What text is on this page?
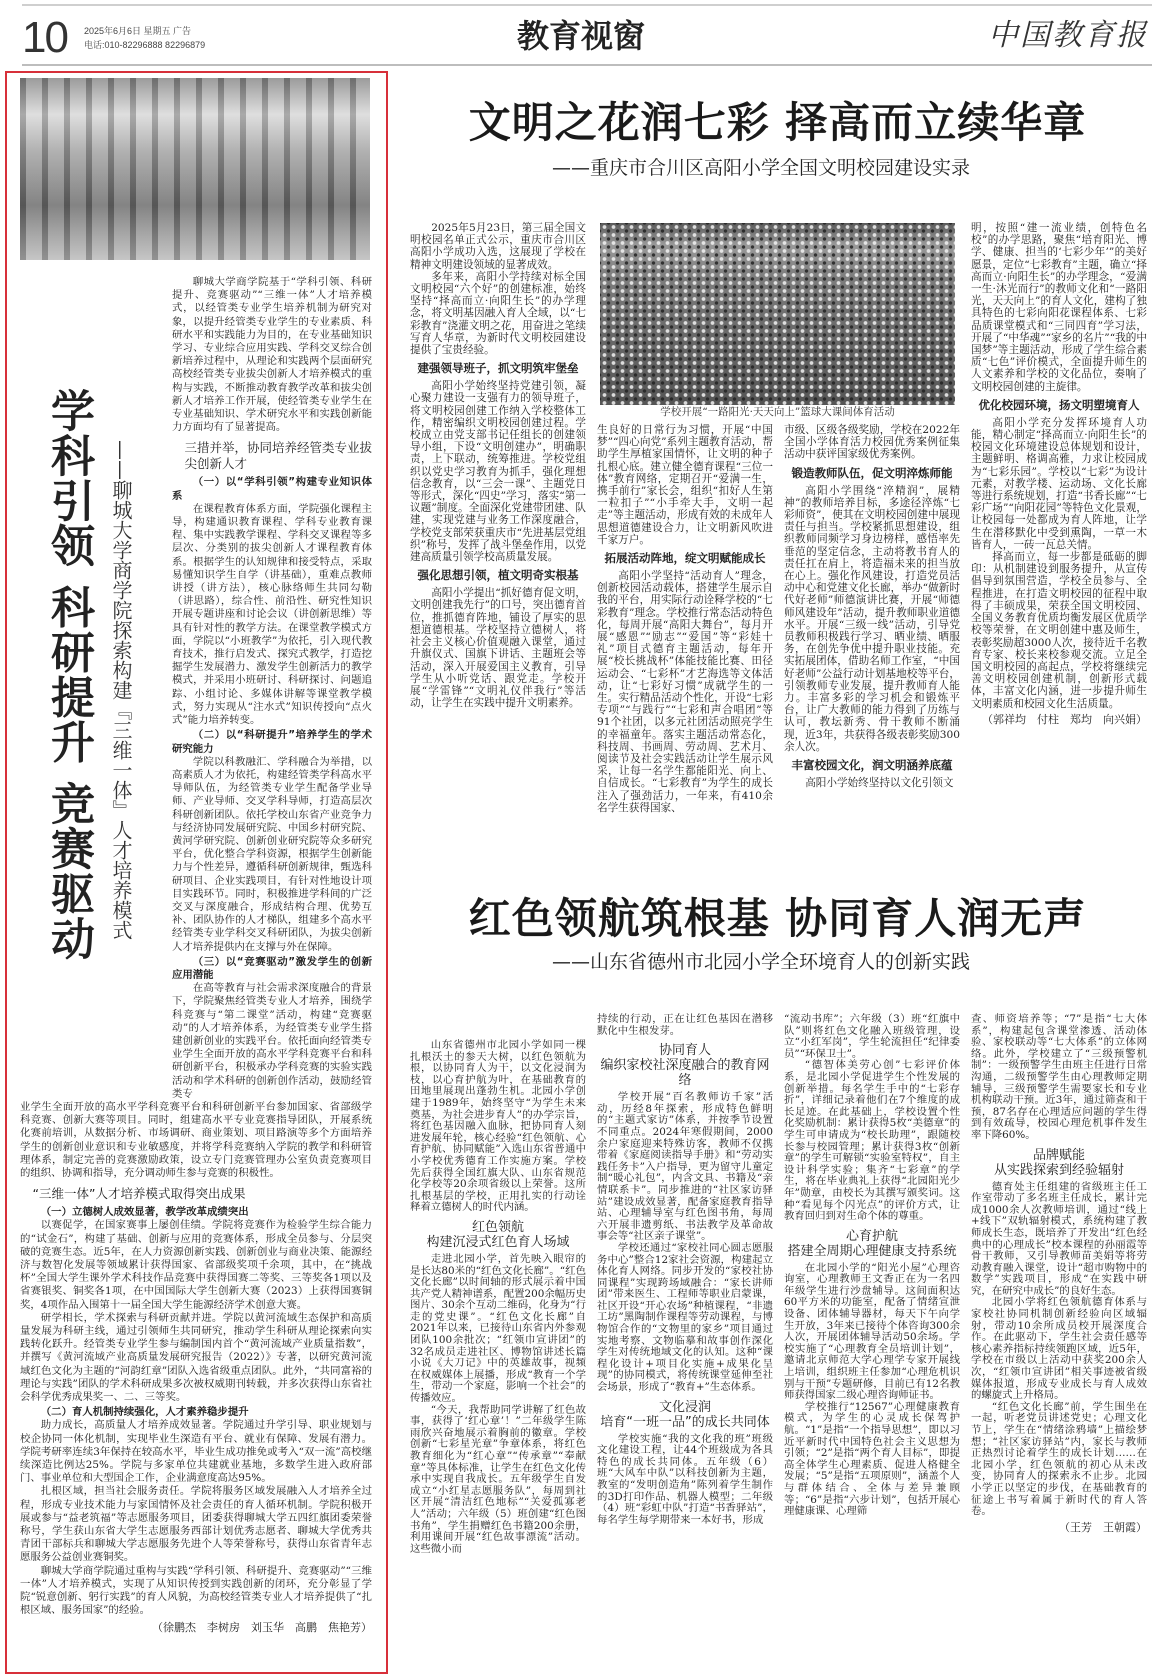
10 2025年6月6日 星期五 广告
电话:010-82296888 82296879	教育视窗	中国教育报
学科引领 科研提升 竞赛驱动 ——聊城大学商学院探索构建『三维一体』人才培养模式
聊城大学商学院基于“学科引领、科研提升、竞赛驱动”“三维一体”人才培养模式，以经管类专业学生培养机制为研究对象，以提升经管类专业学生的专业素质、科研水平和实践能力为目的，在专业基础知识学习、专业综合应用实践、学科交叉综合创新培养过程中，从理论和实践两个层面研究高校经管类专业拔尖创新人才培养模式的重构与实践，不断推动教育教学改革和拔尖创新人才培养工作开展，使经管类专业学生在专业基础知识、学术研究水平和实践创新能力方面均有了显著提高。
三措并举，协同培养经管类专业拔尖创新人才
（一）以“学科引领”构建专业知识体系
在课程教育体系方面，学院强化课程主导，构建通识教育课程、学科专业教育课程、集中实践教学课程、学科交叉课程等多层次、分类别的拔尖创新人才课程教育体系。根据学生的认知规律和接受特点，采取易懂知识学生自学（讲基础），重难点教师讲授（讲方法），核心脉络师生共同勾勒（讲思路），综合性、前沿性、研究性知识开展专题讲座和讨论会议（讲创新思维）等具有针对性的教学方法。在课堂教学模式方面，学院以“小班教学”为依托，引入现代教育技术，推行启发式、探究式教学，打造挖掘学生发展潜力、激发学生创新活力的教学模式，并采用小班研讨、科研探讨、问题追踪、小组讨论、多媒体讲解等课堂教学模式，努力实现从“注水式”知识传授向“点火式”能力培养转变。
（二）以“科研提升”培养学生的学术研究能力
学院以科教融汇、学科融合为举措，以高素质人才为依托，构建经管类学科高水平导师队伍，为经管类专业学生配备学业导师、产业导师、交叉学科导师，打造高层次科研创新团队。依托学校山东省产业竞争力与经济协同发展研究院、中国乡村研究院、黄河学研究院、创新创业研究院等众多研究平台，优化整合学科资源，根据学生创新能力与个性差异，遵循科研创新规律，甄选科研项目、企业实践项目，有针对性地设计项目实践环节。同时，积极推进学科间的广泛交叉与深度融合，形成结构合理、优势互补、团队协作的人才梯队，组建多个高水平经管类专业学科交叉科研团队，为拔尖创新人才培养提供内在支撑与外在保障。
（三）以“竞赛驱动”激发学生的创新应用潜能
在高等教育与社会需求深度融合的背景下，学院聚焦经管类专业人才培养，围绕学科竞赛与“第二课堂”活动，构建“竞赛驱动”的人才培养体系，为经管类专业学生搭建创新创业的实践平台。依托面向经管类专业学生全面开放的高水平学科竞赛平台和科研创新平台，积极承办学科竞赛的实验实践活动和学术科研的创新创作活动，鼓励经管类专
业学生全面开放的高水平学科竞赛平台和科研创新平台参加国家、省部级学科竞赛、创新大赛等项目。同时，组建高水平专业竞赛指导团队，开展系统化赛前培训，从数据分析、市场调研、商业策划、项目路演等多个方面培养学生的创新创业意识和专业敏感度，并将学科竞赛纳入学院的教学和科研管理体系，制定完善的竞赛激励政策，设立专门竞赛管理办公室负责竞赛项目的组织、协调和指导，充分调动师生参与竞赛的积极性。
“三维一体”人才培养模式取得突出成果
（一）立德树人成效显著，教学改革成绩突出
以赛促学，在国家赛事上屡创佳绩。学院将竞赛作为检验学生综合能力的“试金石”，构建了基础、创新与应用的竞赛体系，形成全员参与、分层突破的竞赛生态。近5年，在人力资源创新实践、创新创业与商业决策、能源经济与数智化发展等领域累计获得国家、省部级奖项千余项，其中，在“挑战杯”全国大学生课外学术科技作品竞赛中获得国赛二等奖、三等奖各1项以及省赛银奖、铜奖各1项，在中国国际大学生创新大赛（2023）上获得国赛铜奖，4项作品入围第十一届全国大学生能源经济学术创意大赛。
研学相长，学术探索与科研贡献并进。学院以黄河流域生态保护和高质量发展为科研主线，通过引领师生共同研究，推动学生科研从理论探索向实践转化跃升。经管类专业学生参与编制国内首个“黄河流域产业质量指数”，并撰写《黄河流域产业高质量发展研究报告（2022）》专著，以研究黄河流域红色文化为主题的“河韵红章”团队入选省级重点团队。此外，“共同富裕的理论与实践”团队的学术科研成果多次被权威期刊转载，并多次获得山东省社会科学优秀成果奖一、二、三等奖。
（二）育人机制持续强化，人才素养稳步提升
助力成长，高质量人才培养成效显著。学院通过升学引导、职业规划与校企协同一体化机制，实现毕业生深造有平台、就业有保障、发展有潜力。学院考研率连续3年保持在较高水平，毕业生成功推免或考入“双一流”高校继续深造比例达25%。学院与多家单位共建就业基地，多数学生进入政府部门、事业单位和大型国企工作，企业满意度高达95%。
扎根区域，担当社会服务责任。学院将服务区域发展融入人才培养全过程，形成专业技术能力与家国情怀及社会责任的育人循环机制。学院积极开展或参与“益老筑福”等志愿服务项目，团委获得聊城大学五四红旗团委荣誉称号，学生获山东省大学生志愿服务西部计划优秀志愿者、聊城大学优秀共青团干部标兵和聊城大学志愿服务先进个人等荣誉称号，获得山东省青年志愿服务公益创业赛铜奖。
聊城大学商学院通过重构与实践“学科引领、科研提升、竞赛驱动”“三维一体”人才培养模式，实现了从知识传授到实践创新的闭环，充分彰显了学院“锐意创新、躬行实践”的育人风貌，为高校经管类专业人才培养提供了“扎根区域、服务国家”的经验。
（徐鹏杰　李树房　刘玉华　高鹏　焦艳芳）
文明之花润七彩 择高而立续华章
——重庆市合川区高阳小学全国文明校园建设实录
学校开展“一路阳光·天天向上”篮球大课间体育活动
2025年5月23日，第三届全国文明校园名单正式公示，重庆市合川区高阳小学成功入选，这展现了学校在精神文明建设领域的显著成效。
多年来，高阳小学持续对标全国文明校园“六个好”的创建标准，始终坚持“择高而立·向阳生长”的办学理念，将文明基因融入育人全域，以“七彩教育”浇灌文明之花，用奋进之笔续写育人华章，为新时代文明校园建设提供了宝贵经验。
建强领导班子，抓文明筑牢堡垒
高阳小学始终坚持党建引领，凝心聚力建设一支强有力的领导班子，将文明校园创建工作纳入学校整体工作，精密编织文明校园创建过程。学校成立由党支部书记任组长的创建领导小组，下设“文明创建办”，明确职责，上下联动，统筹推进。学校党组织以党史学习教育为抓手，强化理想信念教育，以“三会一课”、主题党日等形式，深化“四史”学习，落实“第一议题”制度。全面深化党建带团建、队建，实现党建与业务工作深度融合，学校党支部荣获重庆市“先进基层党组织”称号，发挥了战斗堡垒作用，以党建高质量引领学校高质量发展。
强化思想引领，植文明奇实根基
高阳小学提出“抓好德育促文明，文明创建我先行”的口号，突出德育首位，推抓德育阵地，铺设了厚实的思想道德根基。学校坚持立德树人，将社会主义核心价值观融入课堂，通过升旗仪式、国旗下讲话、主题班会等活动，深入开展爱国主义教育，引导学生从小听党话、跟党走。学校开展“学雷锋”“文明礼仪伴我行”等活动，让学生在实践中提升文明素养。
生良好的日常行为习惯，开展“中国梦”“四心向党”系列主题教育活动，帮助学生厚植家国情怀，让文明的种子扎根心底。建立健全德育课程“三位一体”教育网络，定期召开“爱满一生，携手前行”家长会，组织“扣好人生第一粒扣子”“小手牵大手，文明一起走”等主题活动，形成有效的未成年人思想道德建设合力，让文明新风吹进千家万户。
拓展活动阵地，绽文明赋能成长
高阳小学坚持“活动育人”理念，创新校园活动载体，搭建学生展示自我的平台，用实际行动诠释学校的“七彩教育”理念。学校推行常态活动特色化，每周开展“高阳大舞台”，每月开展“感恩”“励志”“爱国”等“彩娃十礼”项目式德育主题活动，每年开展“校长挑战杯”体能技能比赛、田径运动会、“七彩杯”才艺海选等文体活动，让“七彩好习惯”成就学生的一生。实行精品活动个性化，开设“七彩专项”“与践行”“七彩和声合唱团”等91个社团，以多元社团活动照亮学生的幸福童年。落实主题活动常态化，科技周、书画周、劳动周、艺术月、阅读节及社会实践活动让学生展示风采，让每一名学生都能阳光、向上、自信成长。“七彩教育”为学生的成长注入了强劲活力，一年来，有410余名学生获得国家、
市级、区级各级奖励，学校在2022年全国小学体育活力校园优秀案例征集活动中获评国家级优秀案例。
锻造教师队伍，促文明淬炼师能
高阳小学围绕“淬精润”，展精神”的教师培养目标，多途径淬炼“七彩师资”，使其在文明校园创建中展现责任与担当。学校紧抓思想建设，组织教师同频学习身边榜样，感悟率先垂范的坚定信念，主动将教书育人的责任扛在肩上，将造福未来的担当放在心上。强化作风建设，打造党员活动中心和党建文化长廊，举办“做新时代好老师”师德演讲比赛，开展“师德师风建设年”活动，提升教师职业道德水平。开展“三级一线”活动，引导党员教师积极践行学习、晒业绩、晒服务，在创先争优中提升职业技能。充实拓展团体，借助名师工作室，“中国好老师”公益行动计划基地校等平台，引领教师专业发展，提升教师育人能力。丰富多彩的学习机会和锻炼平台，让广大教师的能力得到了历练与认可，教坛新秀、骨干教师不断涌现，近3年，共获得各级表彰奖励300余人次。
丰富校园文化，润文明涵养底蕴
高阳小学始终坚持以文化引领文
明，按照“建一流业绩，创特色名校”的办学思路，聚焦“培育阳光、博学、健康、担当的‘七彩少年’”的美好愿景，定位“七彩教育”主题，确立“择高而立·向阳生长”的办学理念，“爱满一生·沐光而行”的教师文化和“一路阳光，天天向上”的育人文化，建构了独具特色的七彩向阳花课程体系、七彩品质课堂模式和“三同四育”学习法，开展了“中华魂”“家乡的名片”“我的中国梦”等主题活动，形成了学生综合素质“七色”评价模式，全面提升师生的人文素养和学校的文化品位，奏响了文明校园创建的主旋律。
优化校园环境，扬文明塑境育人
高阳小学充分发挥环境育人功能，精心制定“择高而立·向阳生长”的校园文化环境建设总体规划和设计，主题鲜明、格调高雅，力求让校园成为“七彩乐园”。学校以“七彩”为设计元素，对教学楼、运动场、文化长廊等进行系统规划，打造“书香长廊”“七彩广场”“向阳花园”等特色文化景观，让校园每一处都成为育人阵地，让学生在潜移默化中受到熏陶，一草一木皆育人，一砖一瓦总关情。
择高而立，每一步都是砥砺的脚印：从机制建设到服务提升，从宣传倡导到氛围营造，学校全员参与、全程推进，在打造文明校园的征程中取得了丰硕成果，荣获全国文明校园、全国义务教育优质均衡发展区优质学校等荣誉，在文明创建中惠及师生，表彰奖励超3000人次，接待近千名教育专家、校长来校参观交流。立足全国文明校园的高起点，学校将继续完善文明校园创建机制，创新形式载体，丰富文化内涵，进一步提升师生文明素质和校园文化生活质量。
（郭祥均　付柱　郑均　向兴娟）
红色领航筑根基 协同育人润无声
——山东省德州市北园小学全环境育人的创新实践
山东省德州市北园小学如同一棵扎根沃土的参天大树，以红色领航为根，以协同育人为干，以文化浸润为枝，以心育护航为叶，在基础教育的田地里展现出蓬勃生机。北园小学创建于1989年，始终坚守“为学生未来奠基，为社会进步育人”的办学宗旨，将红色基因融入血脉，把协同育人刻进发展年轮，核心经验“红色领航、心育护航、协同赋能”入选山东省普通中小学校优秀德育工作实施方案。学校先后获得全国红旗大队、山东省规范化学校等20余项省级以上荣誉。这所扎根基层的学校，正用扎实的行动诠释着立德树人的时代内涵。
红色领航
构建沉浸式红色育人场域
走进北园小学，首先映入眼帘的是长达80米的“红色文化长廊”。“红色文化长廊”以时间轴的形式展示着中国共产党人精神谱系，配置200余幅历史图片、30余个互动二维码，化身为“行走的党史课”。“红色文化长廊”自2021年以来，已接待山东省内外参观团队100余批次；“红领巾宣讲团”的32名成员走进社区、博物馆讲述长篇小说《大刀记》中的英雄故事，视频在权威媒体上展播，形成“教育一个学生，带动一个家庭，影响一个社会”的传播效应。
“今天，我帮助同学讲解了红色故事，获得了‘红心章’！”二年级学生陈雨欣兴奋地展示着胸前的徽章。学校创新“七彩星光章”争章体系，将红色教育细化为“红心章”“传承章”“奉献章”等具体标准，让学生在红色文化传承中实现自我成长。五年级学生自发成立“小红星志愿服务队”，每周到社区开展“清洁红色地标”“关爱孤寡老人”活动；六年级（5）班创建“红色图书角”，学生捐赠红色书籍200余册，利用课间开展“红色故事漂流”活动。这些微小而
持续的行动，正在让红色基因在潜移默化中生根发芽。
协同育人
编织家校社深度融合的教育网络
学校开展“百名教师访千家”活动，历经8年探索，形成特色鲜明的“主题式家访”体系，并按季节设置不同重点。2024年寒假期间，2000余户家庭迎来特殊访客，教师不仅携带着《家庭阅读指导手册》和“劳动实践任务卡”入户指导，更为留守儿童定制“暖心礼包”，内含文具、书籍及“亲情联系卡”。同步推进的“社区家访驿站”建设成效显著，配备家庭教育指导站、心理辅导室与红色图书角，每周六开展非遗剪纸、书法教学及革命故事会等“社区亲子课堂”。
学校还通过“家校社同心圆志愿服务中心”整合12家社会资源，构建起立体化育人网络。同步开发的“家校社协同课程”实现跨场域融合：“家长讲师团”带来医生、工程师等职业启蒙课，社区开设“开心农场”种植课程，“非遗工坊”黑陶制作课程等劳动课程，与博物馆合作的“文物里的家乡”项目通过实地考察、文物临摹和故事创作深化学生对传统地域文化的认知。这种“课程化设计+项目化实施+成果化呈现”的协同模式，将传统课堂延伸至社会场景，形成了“教育+”生态体系。
文化浸润
培育“一班一品”的成长共同体
学校实施“我的文化我的班”班级文化建设工程，让44个班级成为各具特色的成长共同体。五年级（6）班“大风车中队”以科技创新为主题，教室的“发明创造角”陈列着学生制作的3D打印作品、机器人模型；二年级（4）班“彩虹中队”打造“书香驿站”，每名学生每学期带来一本好书，形成
“流动书库”；六年级（3）班“红旗中队”则将红色文化融入班级管理，设立“小红军岗”，学生轮流担任“纪律委员”“环保卫士”。
“德智体美劳心创”七彩评价体系，是北园小学促进学生个性发展的创新举措。每名学生手中的“七彩存折”，详细记录着他们在7个维度的成长足迹。在此基础上，学校设置个性化奖励机制：累计获得5枚“美德章”的学生可申请成为“校长助理”，跟随校长参与校园管理；累计获得3枚“创新章”的学生可解锁“实验室特权”，自主设计科学实验；集齐“七彩章”的学生，将在毕业典礼上获得“北园阳光少年”勋章，由校长为其撰写颁奖词。这种“看见每个闪光点”的评价方式，让教育回归到对生命个体的尊重。
心育护航
搭建全周期心理健康支持系统
在北园小学的“阳光小屋”心理咨询室，心理教师王文香正在为一名四年级学生进行沙盘辅导。这间面积达60平方米的功能室，配备了情绪宣泄设备、团体辅导器材，每天下午向学生开放，3年来已接待个体咨询300余人次，开展团体辅导活动50余场。学校实施了“心理教育全员培训计划”，邀请北京师范大学心理学专家开展线上培训，组织班主任参加“心理危机识别与干预”专题研修，目前已有12名教师获得国家二级心理咨询师证书。
学校推行“12567”心理健康教育模式，为学生的心灵成长保驾护航。“1”是指“一个指导思想”，即以习近平新时代中国特色社会主义思想为引领；“2”是指“两个育人目标”，即提高全体学生心理素质、促进人格健全发展；“5”是指“五项原则”，涵盖个人与群体结合、全体与差异兼顾等；“6”是指“六步计划”，包括开展心理健康课、心理筛
查、师资培养等；“7”是指“七大体系”，构建起包含课堂渗透、活动体验、家校联动等“七大体系”的立体网络。此外，学校建立了“三级预警机制”：一级预警学生由班主任进行日常沟通，二级预警学生由心理教师定期辅导，三级预警学生需要家长和专业机构联动干预。近3年，通过筛查和干预，87名存在心理适应问题的学生得到有效疏导，校园心理危机事件发生率下降60%。
品牌赋能
从实践探索到经验辐射
德育处主任组建的省级班主任工作室带动了多名班主任成长，累计完成1000余人次教师培训，通过“线上+线下”双轨辐射模式，系统构建了教师成长生态，既培养了开发出“红色经典中的心理成长”校本课程的孙丽霞等骨干教师，又引导教师苗美娟等将劳动教育融入课堂，设计“超市购物中的数学”实践项目，形成“在实践中研究，在研究中成长”的良好生态。
北园小学将红色领航德育体系与家校社协同机制创新经验向区域辐射，带动10余所成员校开展深度合作。在此驱动下，学生社会责任感等核心素养指标持续领跑区域，近5年，学校在市级以上活动中获奖200余人次，“红领巾宣讲团”相关事迹被省级媒体报道，形成专业成长与育人成效的螺旋式上升格局。
“红色文化长廊”前，学生围坐在一起，听老党员讲述党史；心理文化节上，学生在“情绪涂鸦墙”上描绘梦想；“社区家访驿站”内，家长与教师正热烈讨论着学生的成长计划……在北园小学，红色领航的初心从未改变，协同育人的探索永不止步。北园小学正以坚定的步伐，在基础教育的征途上书写着属于新时代的育人答卷。
（王芳　王朝霞）
